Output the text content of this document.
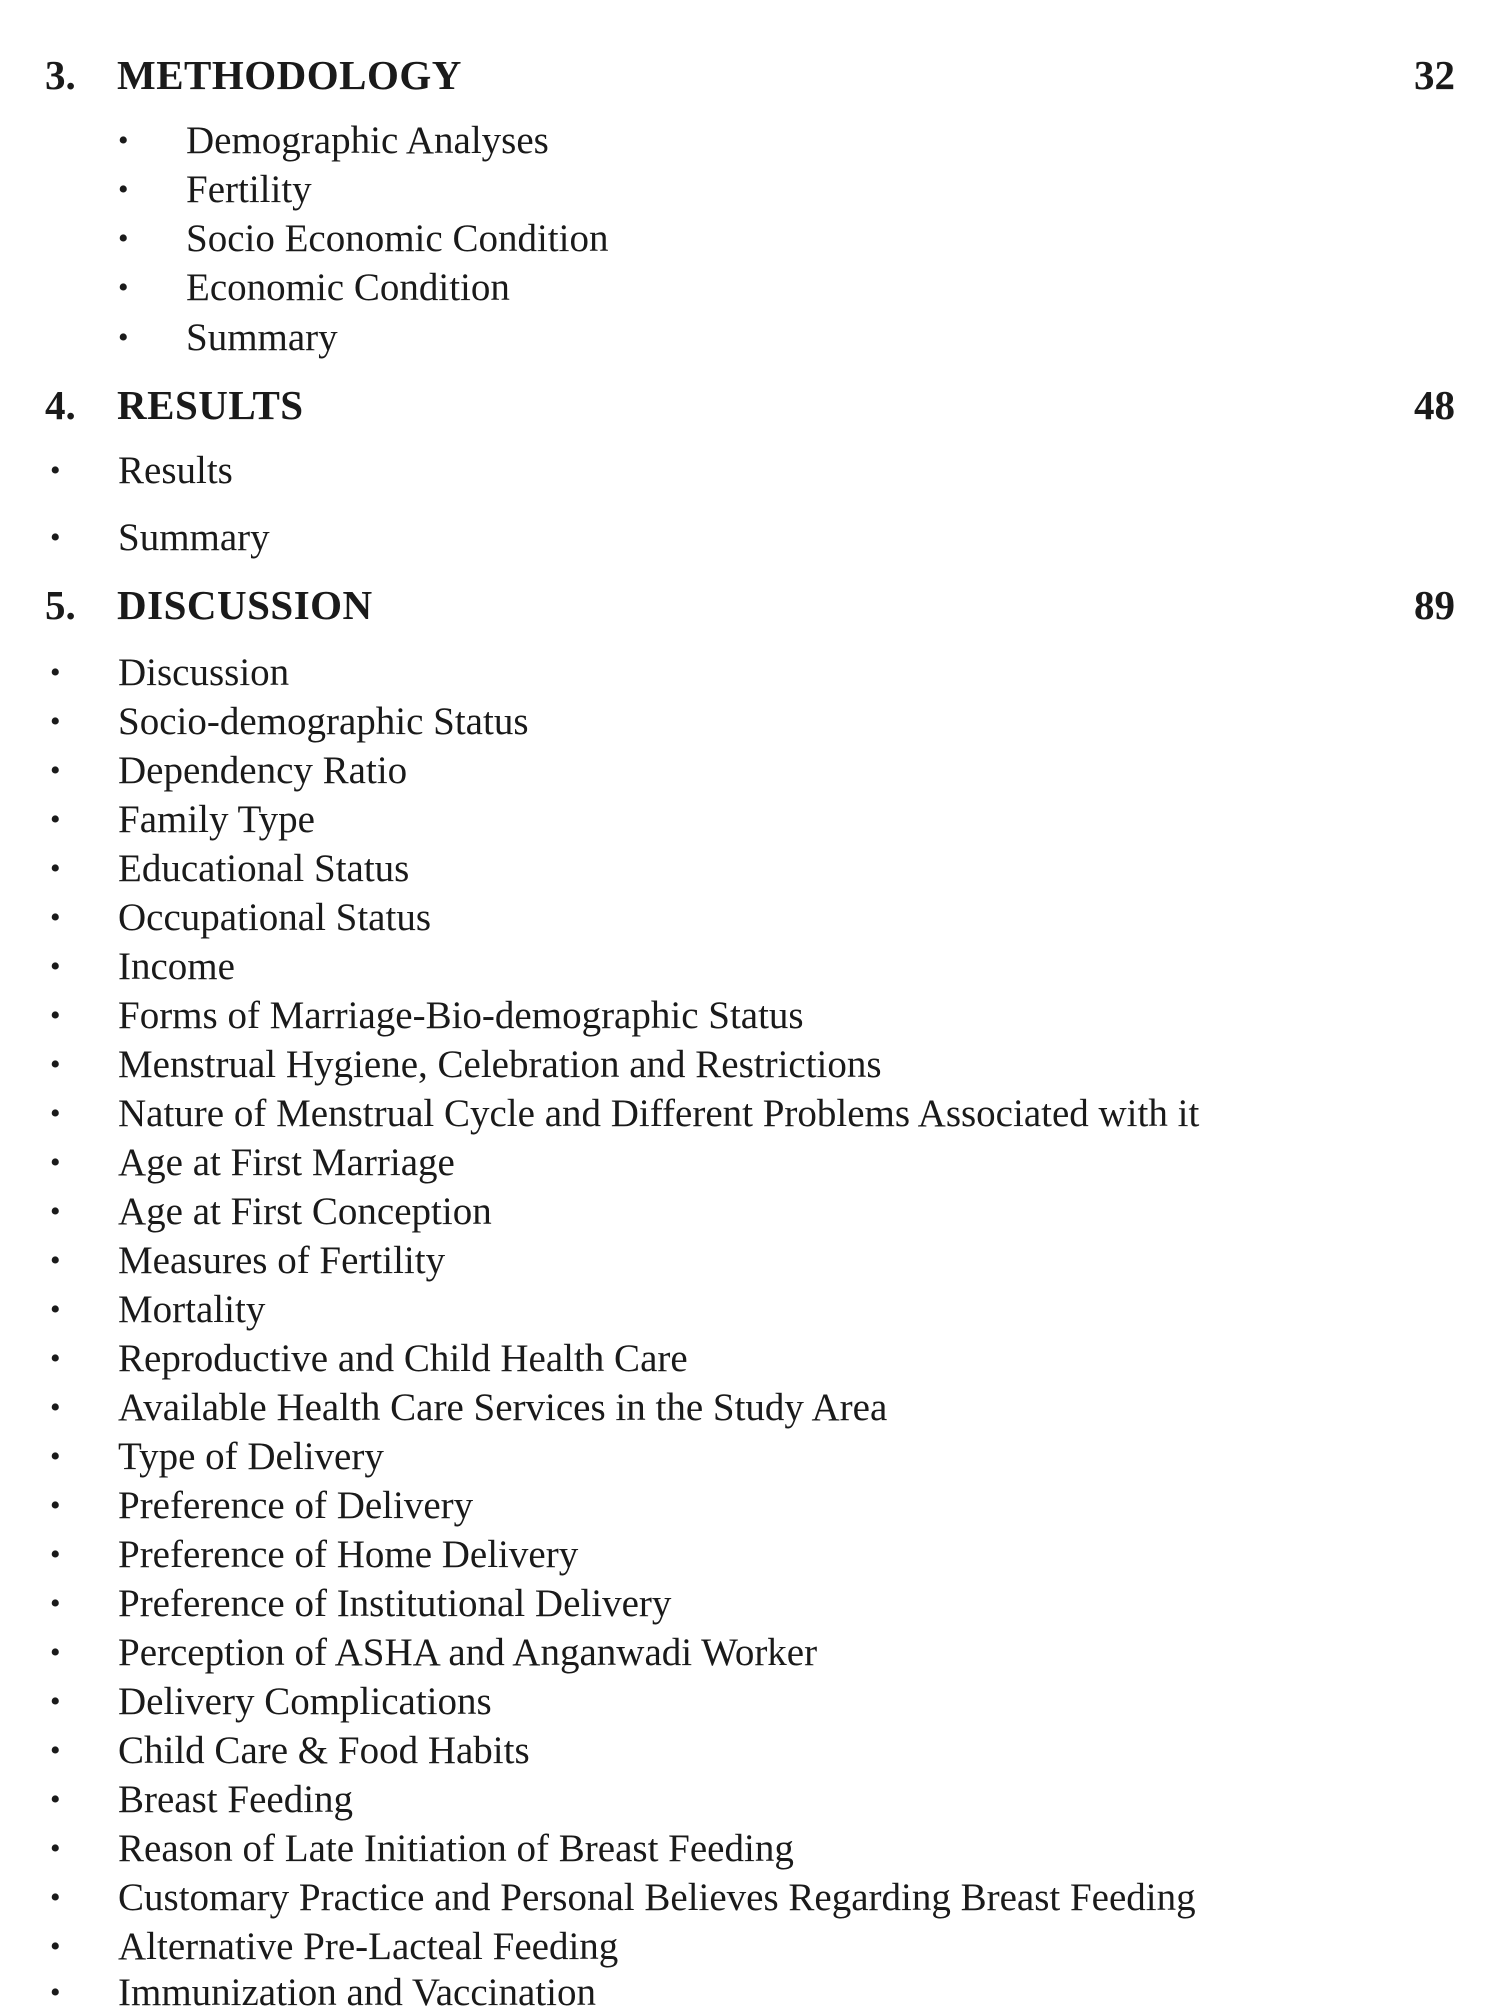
3. METHODOLOGY	32
• Demographic Analyses
• Fertility
• Socio Economic Condition
• Economic Condition
• Summary
4. RESULTS	48
• Results
• Summary
5. DISCUSSION	89
• Discussion
• Socio-demographic Status
• Dependency Ratio
• Family Type
• Educational Status
• Occupational Status
• Income
• Forms of Marriage-Bio-demographic Status
• Menstrual Hygiene, Celebration and Restrictions
• Nature of Menstrual Cycle and Different Problems Associated with it
• Age at First Marriage
• Age at First Conception
• Measures of Fertility
• Mortality
• Reproductive and Child Health Care
• Available Health Care Services in the Study Area
• Type of Delivery
• Preference of Delivery
• Preference of Home Delivery
• Preference of Institutional Delivery
• Perception of ASHA and Anganwadi Worker
• Delivery Complications
• Child Care & Food Habits
• Breast Feeding
• Reason of Late Initiation of Breast Feeding
• Customary Practice and Personal Believes Regarding Breast Feeding
• Alternative Pre-Lacteal Feeding
• Immunization and Vaccination
